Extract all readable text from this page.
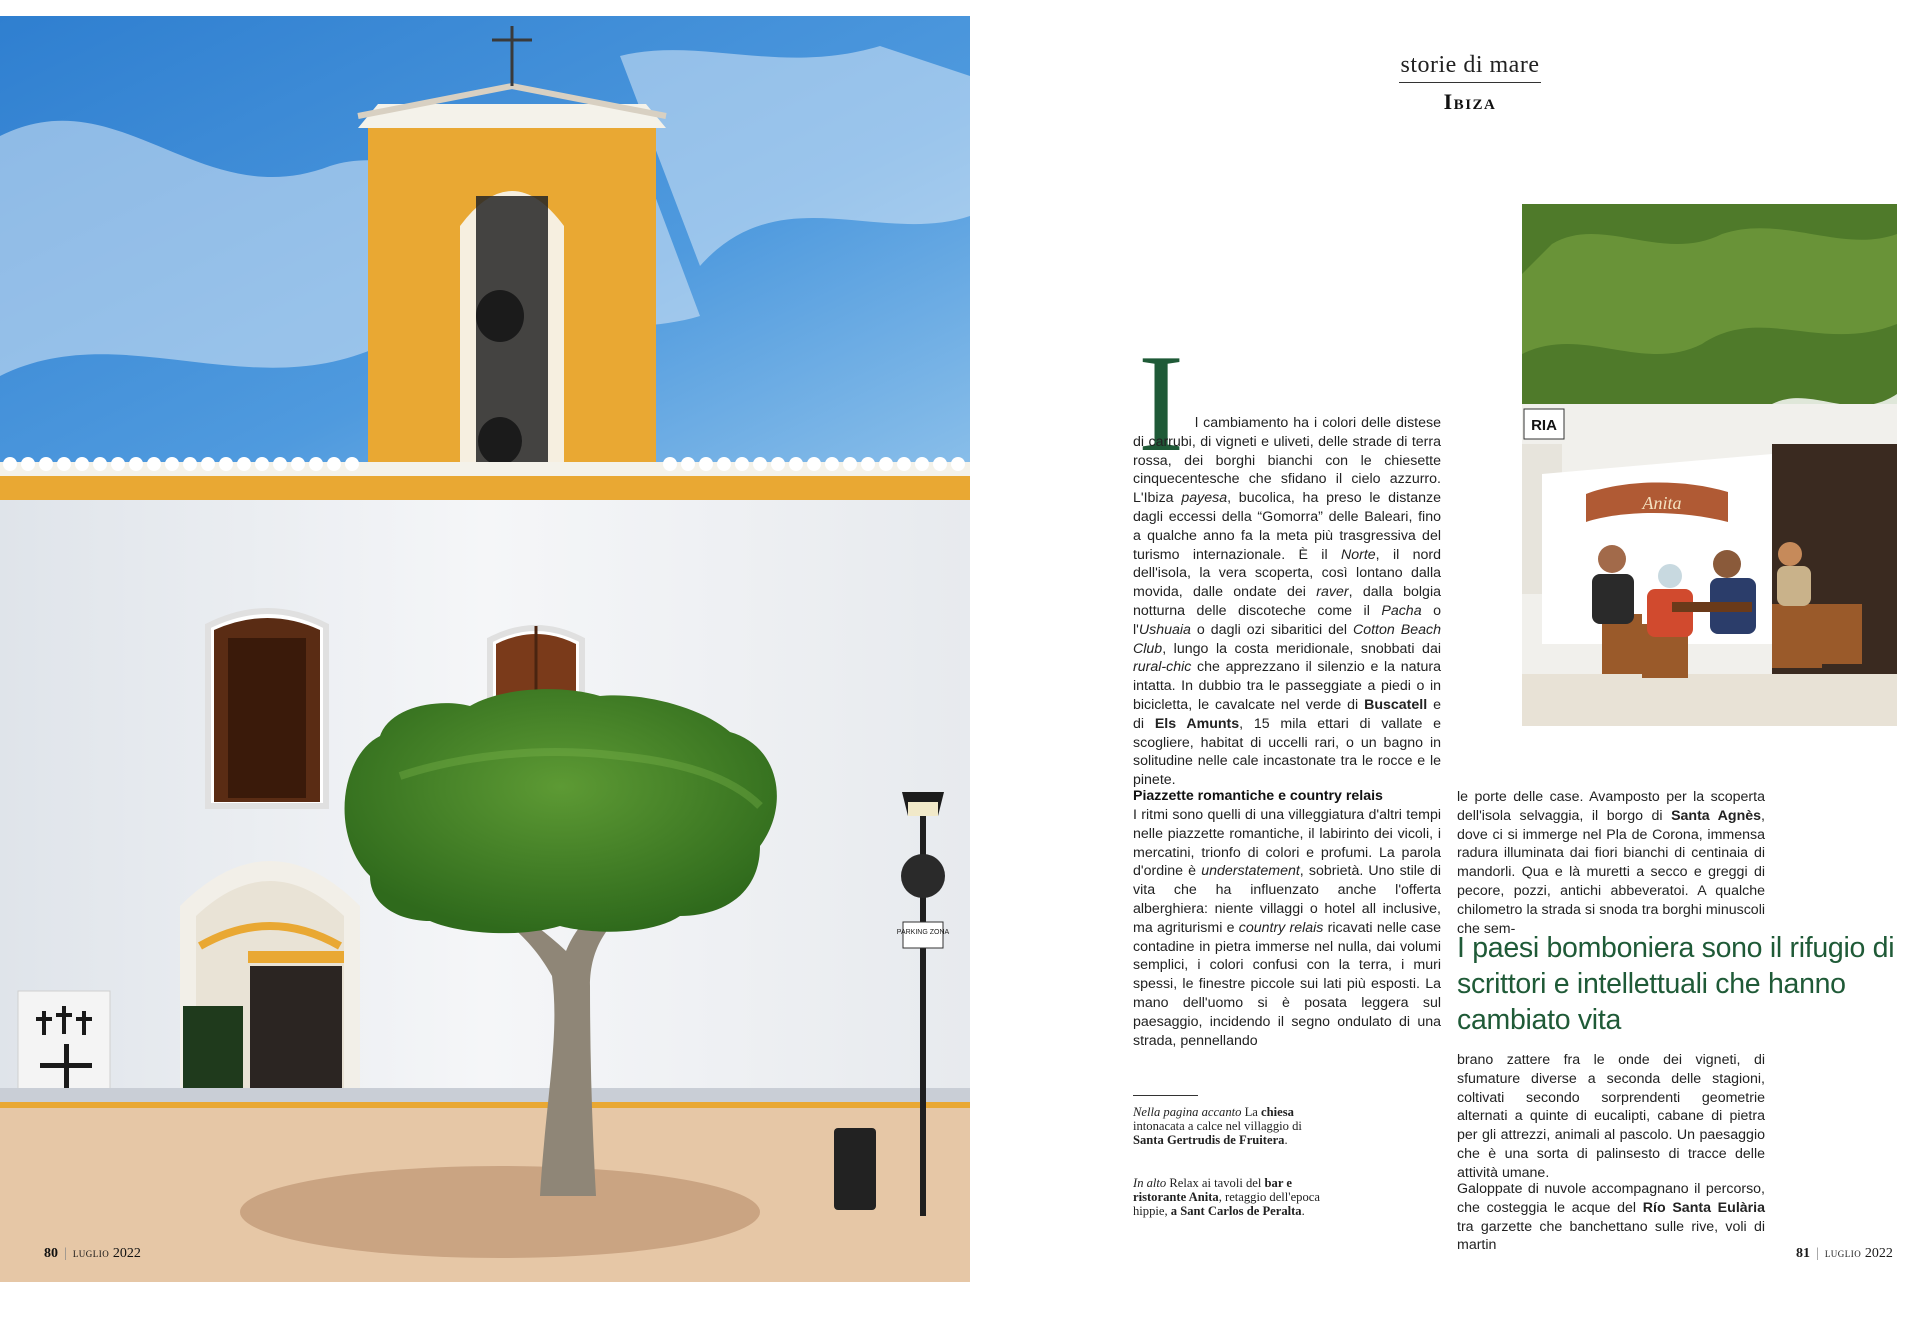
PARKING ZONA
80 | luglio 2022
storie di mare
Ibiza
RIA
Anita
I l cambiamento ha i colori delle distese di carrubi, di vigneti e uliveti, delle strade di terra rossa, dei borghi bianchi con le chiesette cinquecentesche che sfidano il cielo azzurro. L'Ibiza payesa, bucolica, ha preso le distanze dagli eccessi della “Gomorra” delle Baleari, fino a qualche anno fa la meta più trasgressiva del turismo internazionale. È il Norte, il nord dell'isola, la vera scoperta, così lontano dalla movida, dalle ondate dei raver, dalla bolgia notturna delle discoteche come il Pacha o l'Ushuaia o dagli ozi sibaritici del Cotton Beach Club, lungo la costa meridionale, snobbati dai rural-chic che apprezzano il silenzio e la natura intatta. In dubbio tra le passeggiate a piedi o in bicicletta, le cavalcate nel verde di Buscatell e di Els Amunts, 15 mila ettari di vallate e scogliere, habitat di uccelli rari, o un bagno in solitudine nelle cale incastonate tra le rocce e le pinete.

Piazzette romantiche e country relais

I ritmi sono quelli di una villeggiatura d'altri tempi nelle piazzette romantiche, il labirinto dei vicoli, i mercatini, trionfo di colori e profumi. La parola d'ordine è understatement, sobrietà. Uno stile di vita che ha influenzato anche l'offerta alberghiera: niente villaggi o hotel all inclusive, ma agriturismi e country relais ricavati nelle case contadine in pietra immerse nel nulla, dai volumi semplici, i colori confusi con la terra, i muri spessi, le finestre piccole sui lati più esposti. La mano dell'uomo si è posata leggera sul paesaggio, incidendo il segno ondulato di una strada, pennellando

le porte delle case. Avamposto per la scoperta dell'isola selvaggia, il borgo di Santa Agnès, dove ci si immerge nel Pla de Corona, immensa radura illuminata dai fiori bianchi di centinaia di mandorli. Qua e là muretti a secco e greggi di pecore, pozzi, antichi abbeveratoi. A qualche chilometro la strada si snoda tra borghi minuscoli che sem-

I paesi bomboniera sono il rifugio di scrittori e intellettuali che hanno cambiato vita

brano zattere fra le onde dei vigneti, di sfumature diverse a seconda delle stagioni, coltivati secondo sorprendenti geometrie alternati a quinte di eucalipti, cabane di pietra per gli attrezzi, animali al pascolo. Un paesaggio che è una sorta di palinsesto di tracce delle attività umane.

Galoppate di nuvole accompagnano il percorso, che costeggia le acque del Río Santa Eulària tra garzette che banchettano sulle rive, voli di martin

Nella pagina accanto La chiesa intonacata a calce nel villaggio di Santa Gertrudis de Fruitera.
In alto Relax ai tavoli del bar e ristorante Anita, retaggio dell'epoca hippie, a Sant Carlos de Peralta.
81 | luglio 2022
